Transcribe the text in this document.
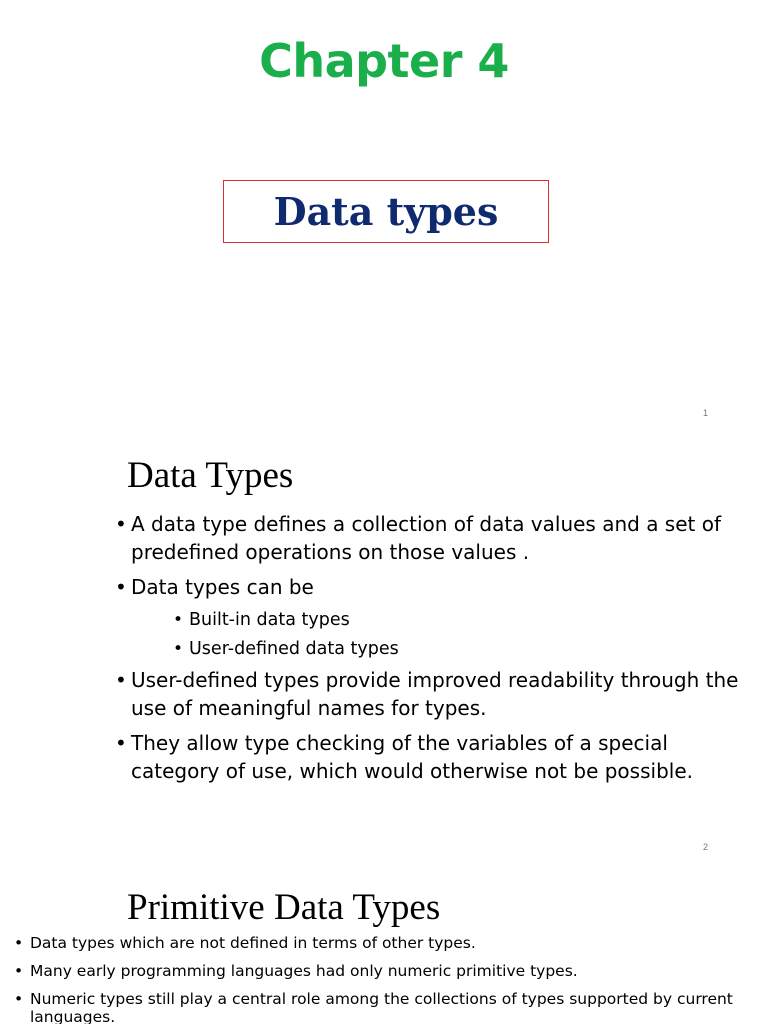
Chapter 4
Data types
1
Data Types
• A data type defines a collection of data values and a set of predefined operations on those values .
• Data types can be
• Built-in data types
• User-defined data types
• User-defined types provide improved readability through the use of meaningful names for types.
• They allow type checking of the variables of a special category of use, which would otherwise not be possible.
2
Primitive Data Types
• Data types which are not defined in terms of other types.
• Many early programming languages had only numeric primitive types.
• Numeric types still play a central role among the collections of types supported by current languages.
